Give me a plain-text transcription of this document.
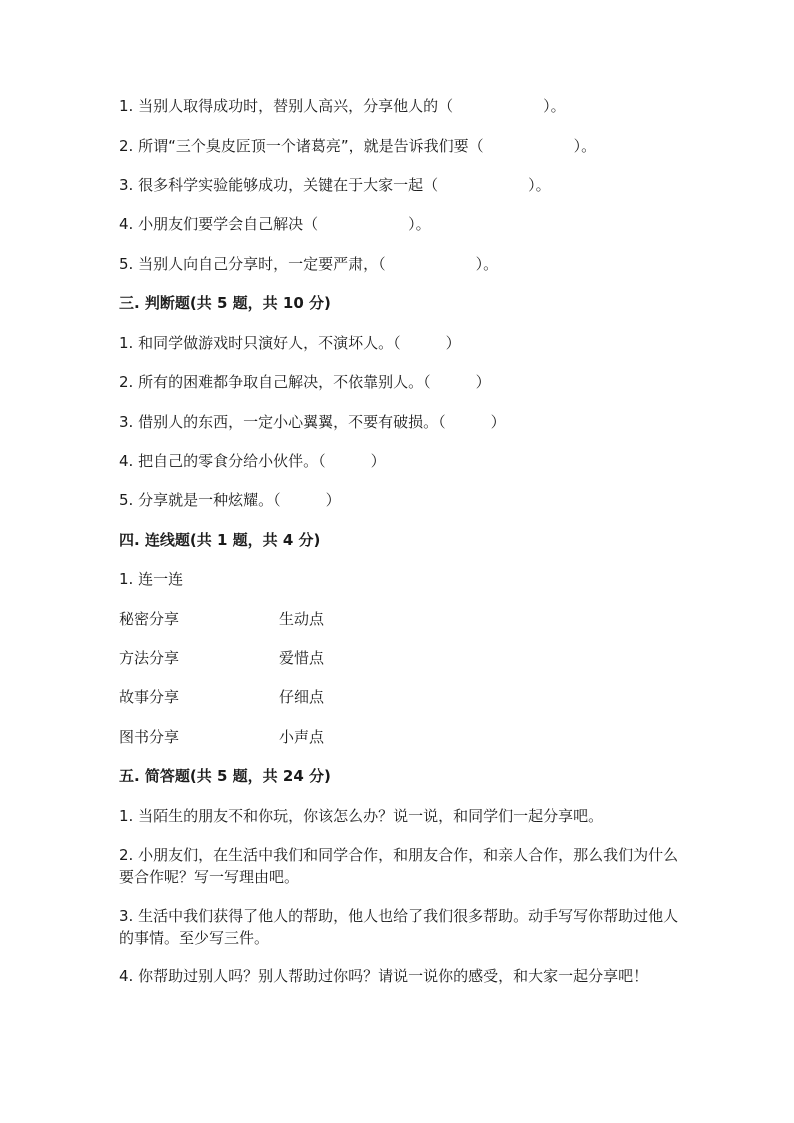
1. 当别人取得成功时，替别人高兴，分享他人的（　　　　　　）。

2. 所谓“三个臭皮匠顶一个诸葛亮”，就是告诉我们要（　　　　　　）。

3. 很多科学实验能够成功，关键在于大家一起（　　　　　　）。

4. 小朋友们要学会自己解决（　　　　　　）。

5. 当别人向自己分享时，一定要严肃，（　　　　　　）。

三. 判断题(共 5 题，共 10 分)

1. 和同学做游戏时只演好人，不演坏人。（　　　）

2. 所有的困难都争取自己解决，不依靠别人。（　　　）

3. 借别人的东西，一定小心翼翼，不要有破损。（　　　）

4. 把自己的零食分给小伙伴。（　　　）

5. 分享就是一种炫耀。（　　　）

四. 连线题(共 1 题，共 4 分)

1. 连一连

秘密分享	生动点

方法分享	爱惜点

故事分享	仔细点

图书分享	小声点

五. 简答题(共 5 题，共 24 分)

1. 当陌生的朋友不和你玩，你该怎么办？说一说，和同学们一起分享吧。

2. 小朋友们，在生活中我们和同学合作，和朋友合作，和亲人合作，那么我们为什么要合作呢？写一写理由吧。

3. 生活中我们获得了他人的帮助，他人也给了我们很多帮助。动手写写你帮助过他人的事情。至少写三件。

4. 你帮助过别人吗？别人帮助过你吗？请说一说你的感受，和大家一起分享吧！
